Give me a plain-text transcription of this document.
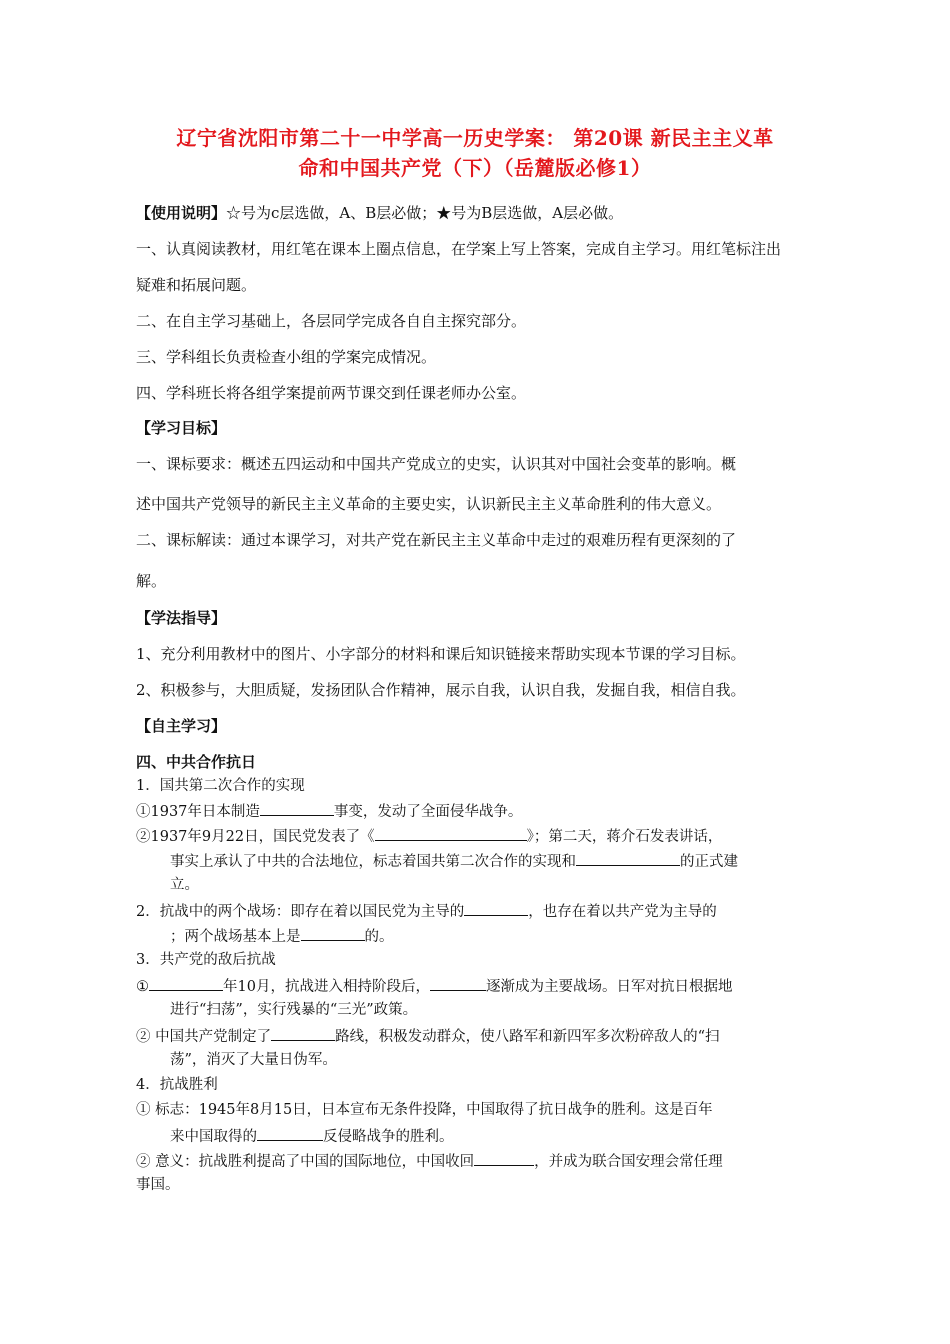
辽宁省沈阳市第二十一中学高一历史学案： 第20课 新民主主义革
命和中国共产党（下）（岳麓版必修1）
【使用说明】☆号为c层选做，A、B层必做；★号为B层选做，A层必做。
一、认真阅读教材，用红笔在课本上圈点信息，在学案上写上答案，完成自主学习。用红笔标注出
疑难和拓展问题。
二、在自主学习基础上，各层同学完成各自自主探究部分。
三、学科组长负责检查小组的学案完成情况。
四、学科班长将各组学案提前两节课交到任课老师办公室。
【学习目标】
一、课标要求：概述五四运动和中国共产党成立的史实，认识其对中国社会变革的影响。概
述中国共产党领导的新民主主义革命的主要史实，认识新民主主义革命胜利的伟大意义。
二、课标解读：通过本课学习，对共产党在新民主主义革命中走过的艰难历程有更深刻的了
解。
【学法指导】
1、充分利用教材中的图片、小字部分的材料和课后知识链接来帮助实现本节课的学习目标。
2、积极参与，大胆质疑，发扬团队合作精神，展示自我，认识自我，发掘自我，相信自我。
【自主学习】
四、中共合作抗日
1．国共第二次合作的实现
①1937年日本制造	事变，发动了全面侵华战争。
②1937年9月22日，国民党发表了《	》；第二天，蒋介石发表讲话，
事实上承认了中共的合法地位，标志着国共第二次合作的实现和	的正式建
立。
2．抗战中的两个战场：即存在着以国民党为主导的	，也存在着以共产党为主导的
；两个战场基本上是	的。
3．共产党的敌后抗战
①	年10月，抗战进入相持阶段后，	逐渐成为主要战场。日军对抗日根据地
进行“扫荡”，实行残暴的“三光”政策。
② 中国共产党制定了	路线，积极发动群众，使八路军和新四军多次粉碎敌人的“扫
荡”，消灭了大量日伪军。
4．抗战胜利
① 标志：1945年8月15日，日本宣布无条件投降，中国取得了抗日战争的胜利。这是百年
来中国取得的	反侵略战争的胜利。
② 意义：抗战胜利提高了中国的国际地位，中国收回	，并成为联合国安理会常任理
事国。
